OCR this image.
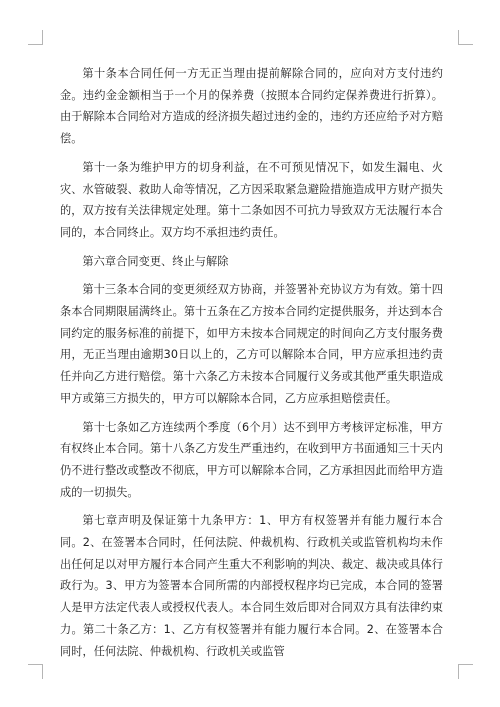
第十条本合同任何一方无正当理由提前解除合同的，应向对方支付违约金。违约金金额相当于一个月的保养费（按照本合同约定保养费进行折算）。由于解除本合同给对方造成的经济损失超过违约金的，违约方还应给予对方赔偿。

第十一条为维护甲方的切身利益，在不可预见情况下，如发生漏电、火灾、水管破裂、救助人命等情况，乙方因采取紧急避险措施造成甲方财产损失的，双方按有关法律规定处理。第十二条如因不可抗力导致双方无法履行本合同的，本合同终止。双方均不承担违约责任。

第六章合同变更、终止与解除

第十三条本合同的变更须经双方协商，并签署补充协议方为有效。第十四条本合同期限届满终止。第十五条在乙方按本合同约定提供服务，并达到本合同约定的服务标准的前提下，如甲方未按本合同规定的时间向乙方支付服务费用，无正当理由逾期30日以上的，乙方可以解除本合同，甲方应承担违约责任并向乙方进行赔偿。第十六条乙方未按本合同履行义务或其他严重失职造成甲方或第三方损失的，甲方可以解除本合同，乙方应承担赔偿责任。

第十七条如乙方连续两个季度（6个月）达不到甲方考核评定标准，甲方有权终止本合同。第十八条乙方发生严重违约，在收到甲方书面通知三十天内仍不进行整改或整改不彻底，甲方可以解除本合同，乙方承担因此而给甲方造成的一切损失。

第七章声明及保证第十九条甲方：1、甲方有权签署并有能力履行本合同。2、在签署本合同时，任何法院、仲裁机构、行政机关或监管机构均未作出任何足以对甲方履行本合同产生重大不利影响的判决、裁定、裁决或具体行政行为。3、甲方为签署本合同所需的内部授权程序均已完成，本合同的签署人是甲方法定代表人或授权代表人。本合同生效后即对合同双方具有法律约束力。第二十条乙方：1、乙方有权签署并有能力履行本合同。2、在签署本合同时，任何法院、仲裁机构、行政机关或监管
